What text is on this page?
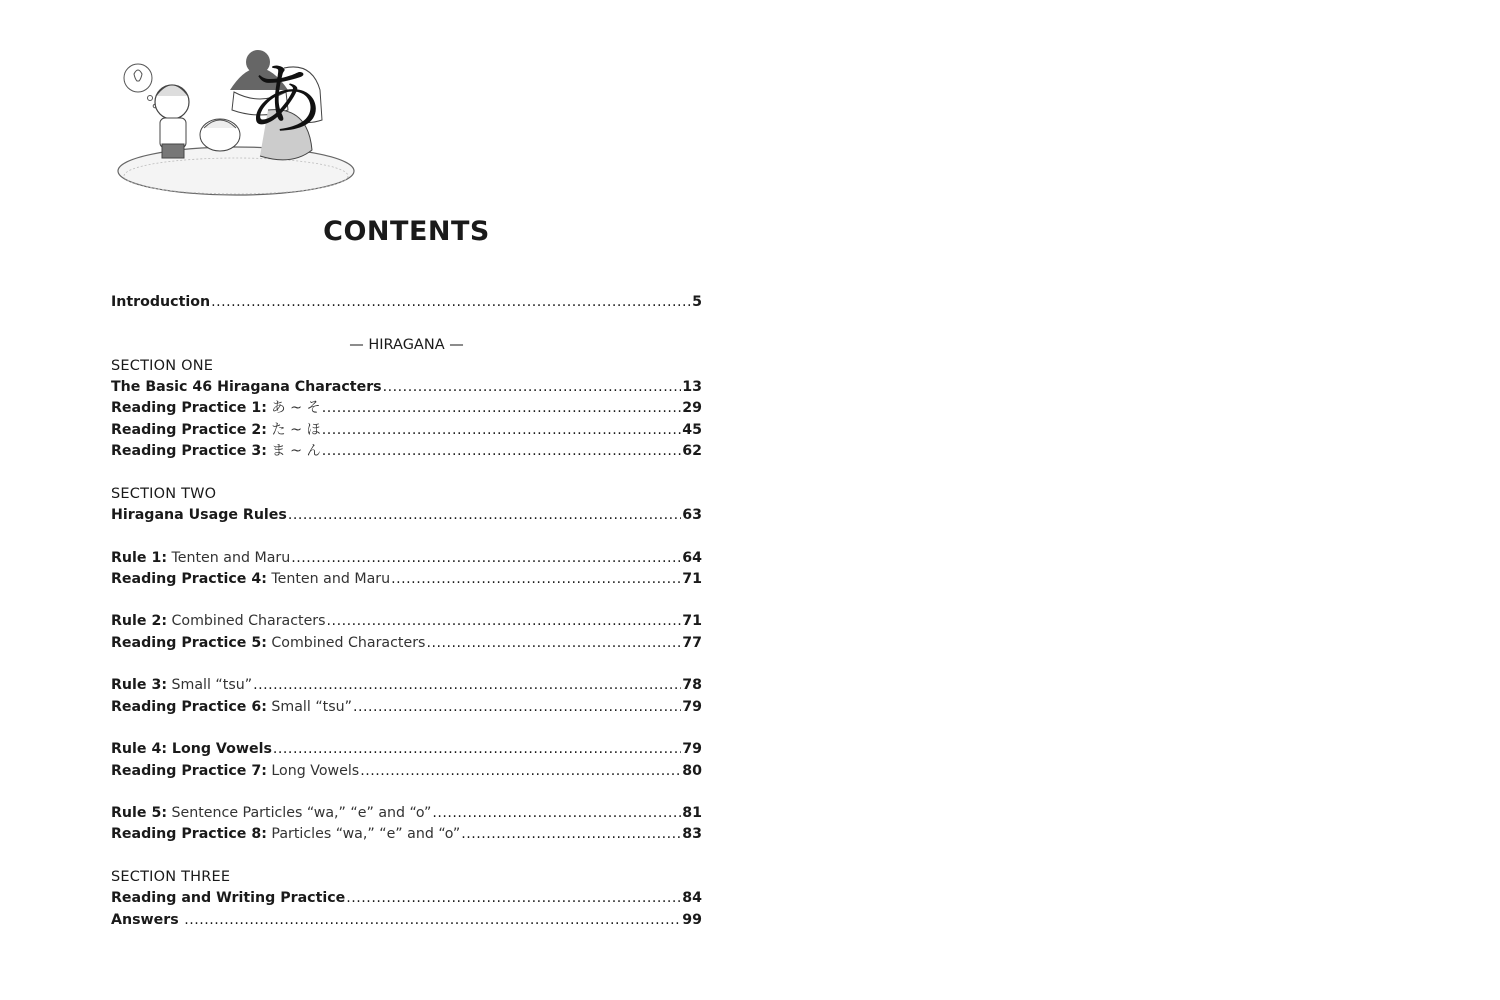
あ
CONTENTS
Introduction .....	5
— HIRAGANA —
SECTION ONE
The Basic 46 Hiragana Characters .....	13
Reading Practice 1: あ ~ そ .....	29
Reading Practice 2: た ~ ほ .....	45
Reading Practice 3: ま ~ ん .....	62
SECTION TWO
Hiragana Usage Rules .....	63
Rule 1: Tenten and Maru .....	64
Reading Practice 4: Tenten and Maru .....	71
Rule 2: Combined Characters .....	71
Reading Practice 5: Combined Characters .....	77
Rule 3: Small “tsu” .....	78
Reading Practice 6: Small “tsu” .....	79
Rule 4: Long Vowels .....	79
Reading Practice 7: Long Vowels .....	80
Rule 5: Sentence Particles “wa,” “e” and “o” .....	81
Reading Practice 8: Particles “wa,” “e” and “o” .....	83
SECTION THREE
Reading and Writing Practice .....	84
Answers .....	99
